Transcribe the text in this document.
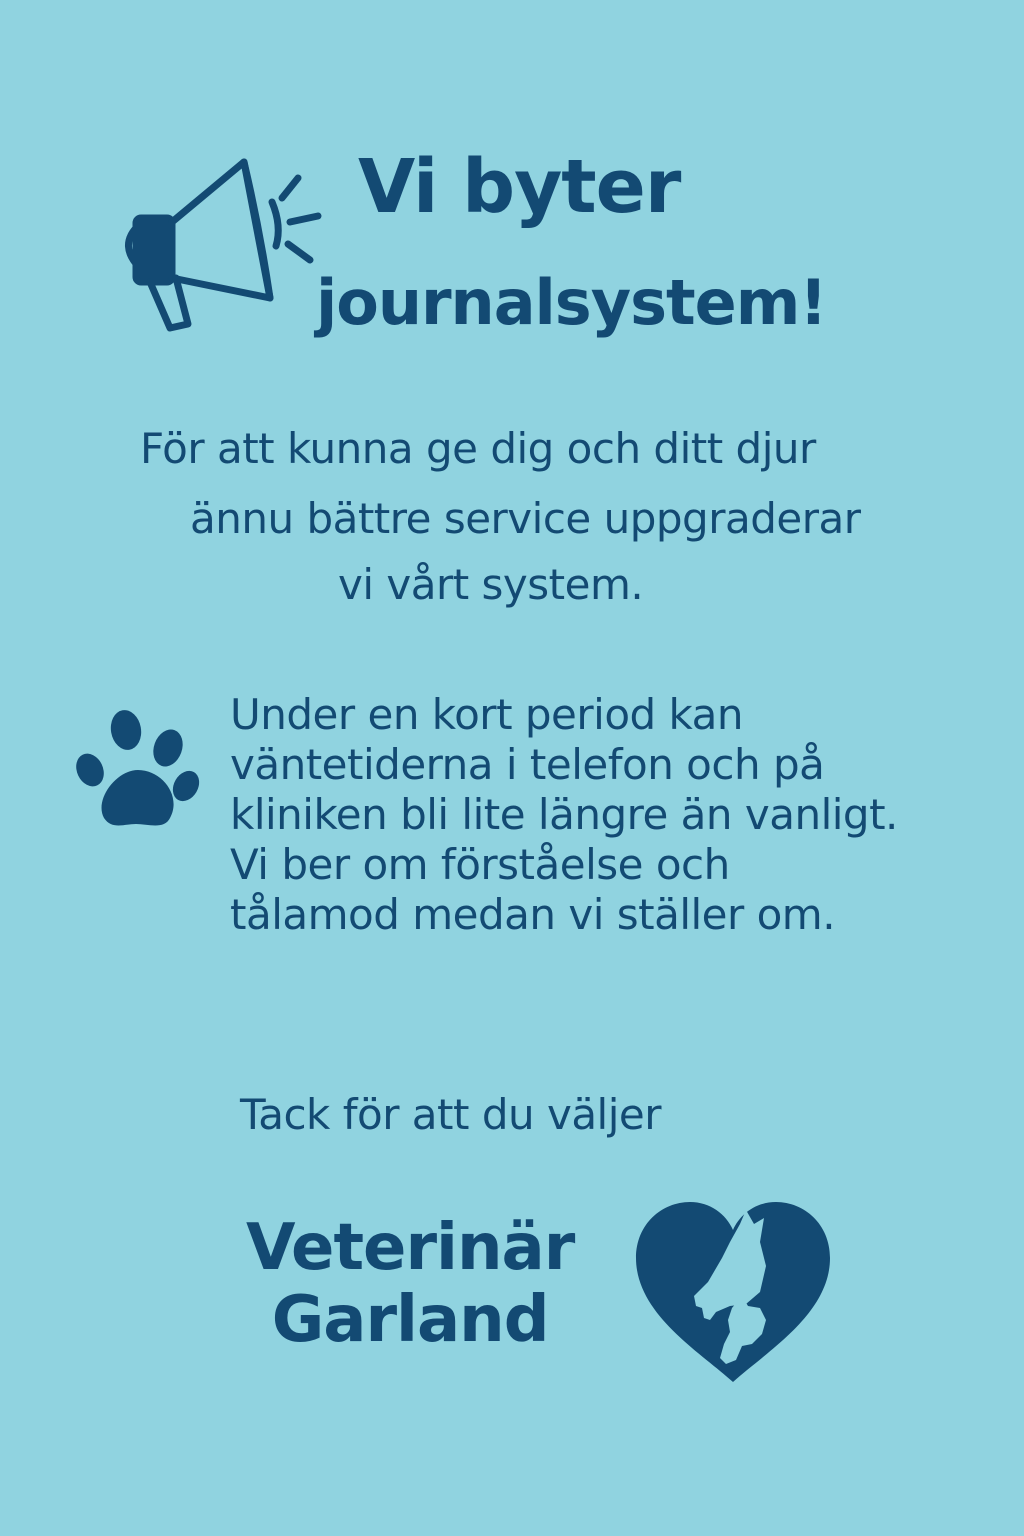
Vi byter
journalsystem!
För att kunna ge dig och ditt djur
ännu bättre service uppgraderar
vi vårt system.
Under en kort period kan
väntetiderna i telefon och på
kliniken bli lite längre än vanligt.
Vi ber om förståelse och
tålamod medan vi ställer om.
Tack för att du väljer
Veterinär
Garland
